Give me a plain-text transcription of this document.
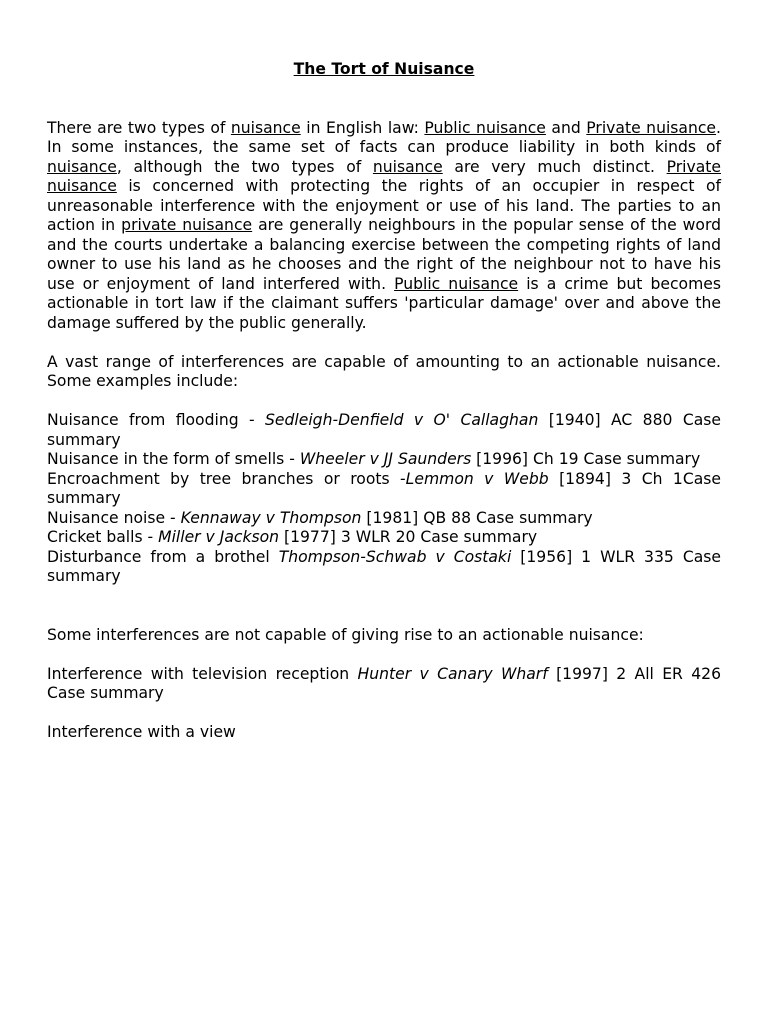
The Tort of Nuisance

There are two types of nuisance in English law: Public nuisance and Private nuisance. In some instances, the same set of facts can produce liability in both kinds of nuisance, although the two types of nuisance are very much distinct. Private nuisance is concerned with protecting the rights of an occupier in respect of unreasonable interference with the enjoyment or use of his land. The parties to an action in private nuisance are generally neighbours in the popular sense of the word and the courts undertake a balancing exercise between the competing rights of land owner to use his land as he chooses and the right of the neighbour not to have his use or enjoyment of land interfered with. Public nuisance is a crime but becomes actionable in tort law if the claimant suffers 'particular damage' over and above the damage suffered by the public generally.

A vast range of interferences are capable of amounting to an actionable nuisance. Some examples include:

Nuisance from flooding - Sedleigh-Denfield v O' Callaghan [1940] AC 880 Case summary

Nuisance in the form of smells - Wheeler v JJ Saunders [1996] Ch 19 Case summary

Encroachment by tree branches or roots -Lemmon v Webb [1894] 3 Ch 1Case summary

Nuisance noise - Kennaway v Thompson [1981] QB 88 Case summary

Cricket balls - Miller v Jackson [1977] 3 WLR 20 Case summary

Disturbance from a brothel Thompson-Schwab v Costaki [1956] 1 WLR 335 Case summary

Some interferences are not capable of giving rise to an actionable nuisance:

Interference with television reception Hunter v Canary Wharf [1997] 2 All ER 426 Case summary

Interference with a view
